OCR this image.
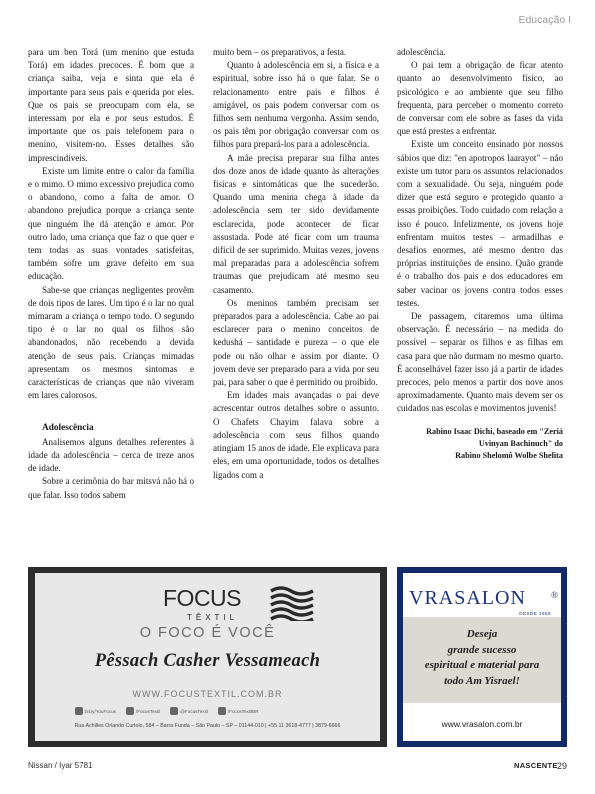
Educação I

para um ben Torá (um menino que estuda Torá) em idades precoces. É bom que a criança saiba, veja e sinta que ela é importante para seus pais e querida por eles. Que os pais se preocupam com ela, se interessam por ela e por seus estudos. É importante que os pais telefonem para o menino, visitem-no. Esses detalhes são imprescindíveis.

Existe um limite entre o calor da família e o mimo. O mimo excessivo prejudica como o abandono, como a falta de amor. O abandono prejudica porque a criança sente que ninguém lhe dá atenção e amor. Por outro lado, uma criança que faz o que quer e tem todas as suas vontades satisfeitas, também sofre um grave defeito em sua educação.

Sabe-se que crianças negligentes provêm de dois tipos de lares. Um tipo é o lar no qual mimaram a criança o tempo todo. O segundo tipo é o lar no qual os filhos são abandonados, não recebendo a devida atenção de seus pais. Crianças mimadas apresentam os mesmos sintomas e características de crianças que não viveram em lares calorosos.

Adolescência

Analisemos alguns detalhes referentes à idade da adolescência – cerca de treze anos de idade.

Sobre a cerimônia do bar mitsvá não há o que falar. Isso todos sabem

muito bem – os preparativos, a festa.

Quanto à adolescência em si, a física e a espiritual, sobre isso há o que falar. Se o relacionamento entre pais e filhos é amigável, os pais podem conversar com os filhos sem nenhuma vergonha. Assim sendo, os pais têm por obrigação conversar com os filhos para prepará-los para a adolescência.

A mãe precisa preparar sua filha antes dos doze anos de idade quanto às alterações físicas e sintomáticas que lhe sucederão. Quando uma menina chega à idade da adolescência sem ter sido devidamente esclarecida, pode acontecer de ficar assustada. Pode até ficar com um trauma difícil de ser suprimido. Muitas vezes, jovens mal preparadas para a adolescência sofrem traumas que prejudicam até mesmo seu casamento.

Os meninos também precisam ser preparados para a adolescência. Cabe ao pai esclarecer para o menino conceitos de kedushá – santidade e pureza – o que ele pode ou não olhar e assim por diante. O jovem deve ser preparado para a vida por seu pai, para saber o que é permitido ou proibido.

Em idades mais avançadas o pai deve acrescentar outros detalhes sobre o assunto. O Chafets Chayim falava sobre a adolescência com seus filhos quando atingiam 15 anos de idade. Ele explicava para eles, em uma oportunidade, todos os detalhes ligados com a

adolescência.

O pai tem a obrigação de ficar atento quanto ao desenvolvimento físico, ao psicológico e ao ambiente que seu filho frequenta, para perceber o momento correto de conversar com ele sobre as fases da vida que está prestes a enfrentar.

Existe um conceito ensinado por nossos sábios que diz: "en apotropos laarayot" – não existe um tutor para os assuntos relacionados com a sexualidade. Ou seja, ninguém pode dizer que está seguro e protegido quanto a essas proibições. Todo cuidado com relação a isso é pouco. Infelizmente, os jovens hoje enfrentam muitos testes – armadilhas e desafios enormes, até mesmo dentro das próprias instituições de ensino. Quão grande é o trabalho dos pais e dos educadores em saber vacinar os jovens contra todos esses testes.

De passagem, citaremos uma última observação. É necessário – na medida do possível – separar os filhos e as filhas em casa para que não durmam no mesmo quarto. É aconselhável fazer isso já a partir de idades precoces, pelo menos a partir dos nove anos aproximadamente. Quanto mais devem ser os cuidados nas escolas e movimentos juvenis!

Rabino Isaac Dichi, baseado em "Zeriá
Uvinyan Bachinuch" do
Rabino Shelomô Wolbe Shelita
FOCUS
TÊXTIL
O FOCO É VOCÊ
Pêssach Casher Vessameach
WWW.FOCUSTEXTIL.COM.BR
bit.ly/YouFocus	/FocusTextil	@FocusTextil	/FocusTextilBR
Rua Achilles Orlando Curtolo, 584 – Barra Funda – São Paulo – SP – 01144-010 | +55 11 3618-4777 | 3879-6666
VRASALON	®
DESDE 1968
Deseja
grande sucesso
espiritual e material para
todo Am Yisrael!
www.vrasalon.com.br
Nissan / Iyar 5781	NASCENTE 29
